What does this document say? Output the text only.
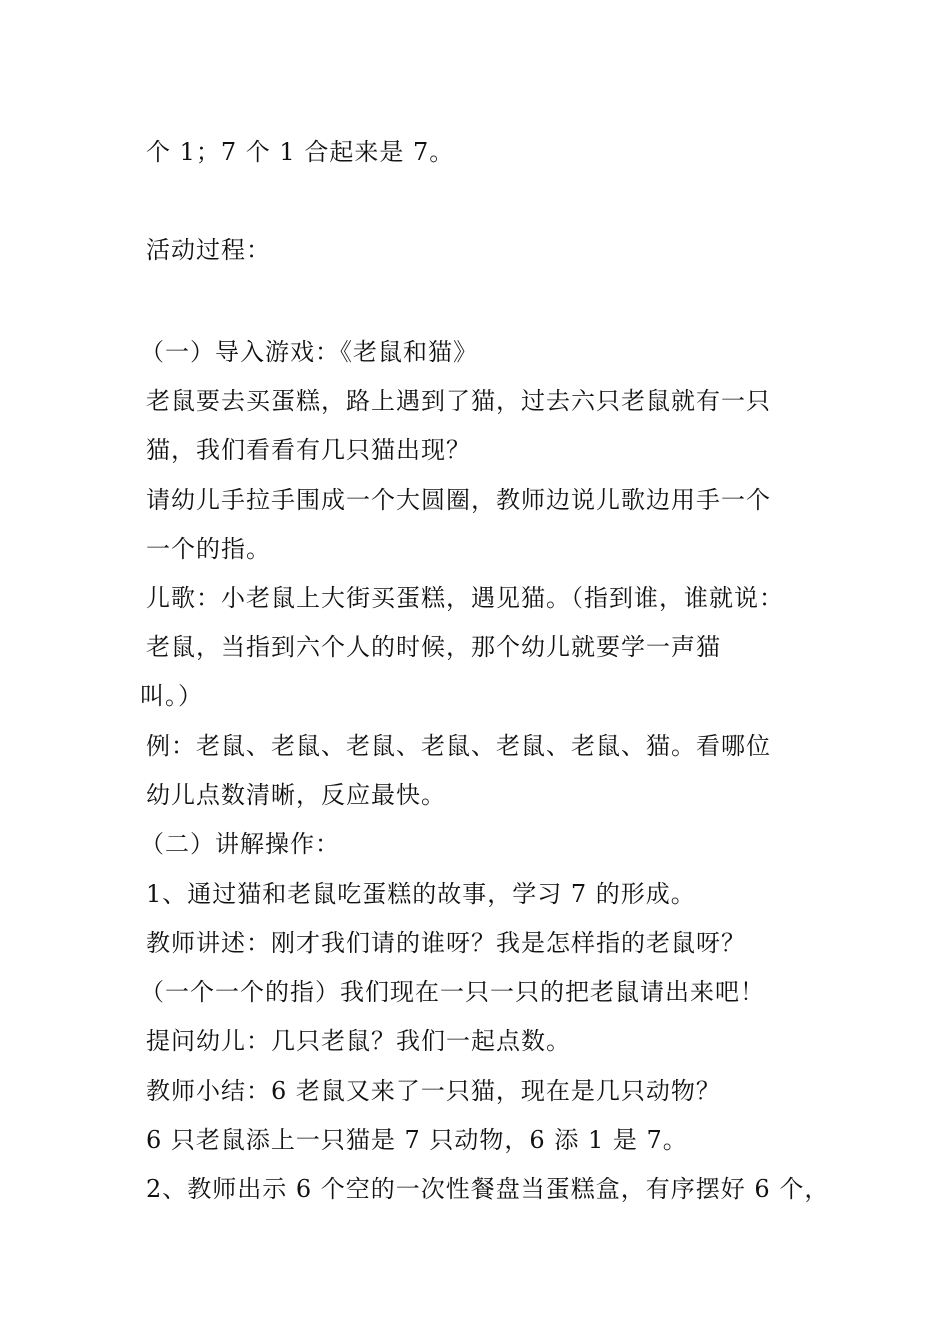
个 1；7 个 1 合起来是 7。
活动过程：
（一）导入游戏：《老鼠和猫》
老鼠要去买蛋糕，路上遇到了猫，过去六只老鼠就有一只
猫，我们看看有几只猫出现？
请幼儿手拉手围成一个大圆圈，教师边说儿歌边用手一个
一个的指。
儿歌：小老鼠上大街买蛋糕，遇见猫。（指到谁，谁就说：
老鼠，当指到六个人的时候，那个幼儿就要学一声猫
叫。）
例：老鼠、老鼠、老鼠、老鼠、老鼠、老鼠、猫。看哪位
幼儿点数清晰，反应最快。
（二）讲解操作：
1、通过猫和老鼠吃蛋糕的故事，学习 7 的形成。
教师讲述：刚才我们请的谁呀？我是怎样指的老鼠呀？
（一个一个的指）我们现在一只一只的把老鼠请出来吧！
提问幼儿：几只老鼠？我们一起点数。
教师小结：6 老鼠又来了一只猫，现在是几只动物？
6 只老鼠添上一只猫是 7 只动物，6 添 1 是 7。
2、教师出示 6 个空的一次性餐盘当蛋糕盒，有序摆好 6 个，
